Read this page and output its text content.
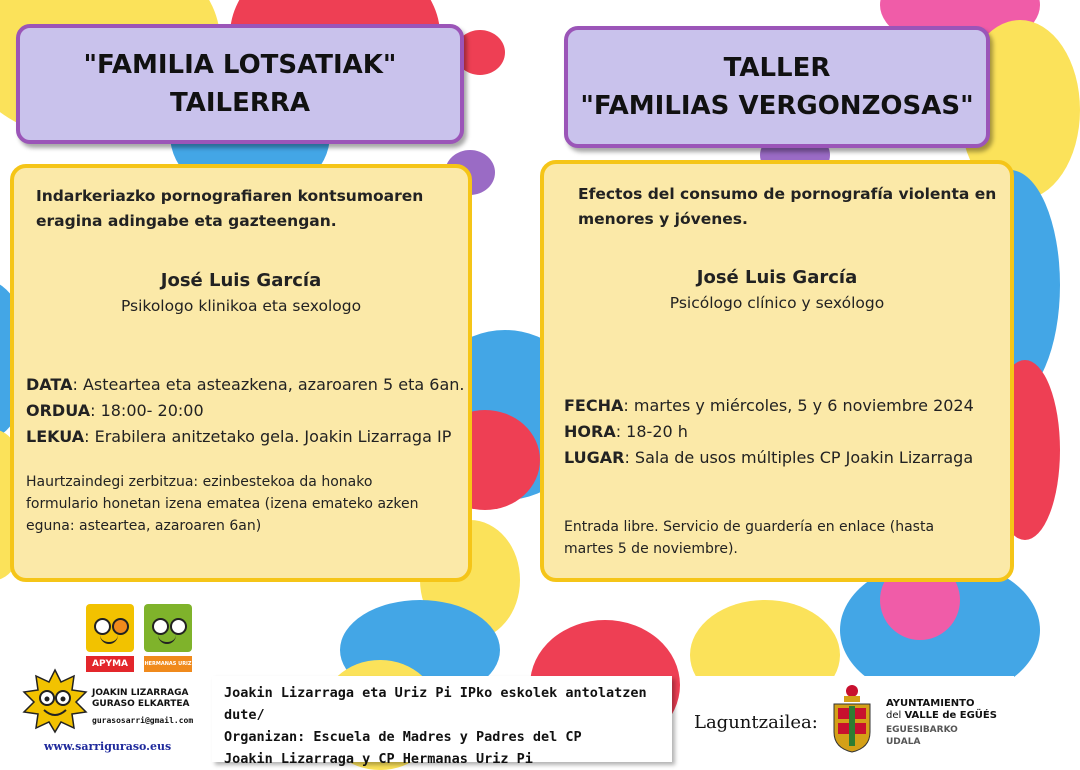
"FAMILIA LOTSATIAK"
TAILERRA
TALLER
"FAMILIAS VERGONZOSAS"
Indarkeriazko pornografiaren kontsumoaren
eragina adingabe eta gazteengan.
José Luis García
Psikologo klinikoa eta sexologo
DATA: Asteartea eta asteazkena, azaroaren 5 eta 6an.
ORDUA: 18:00- 20:00
LEKUA: Erabilera anitzetako gela. Joakin Lizarraga IP
Haurtzaindegi zerbitzua: ezinbestekoa da honako
formulario honetan izena ematea (izena emateko azken
eguna: asteartea, azaroaren 6an)
Efectos del consumo de pornografía violenta en
menores y jóvenes.
José Luis García
Psicólogo clínico y sexólogo
FECHA: martes y miércoles, 5 y 6 noviembre 2024
HORA: 18-20 h
LUGAR: Sala de usos múltiples CP Joakin Lizarraga
Entrada libre. Servicio de guardería en enlace (hasta
martes 5 de noviembre).
APYMA	HERMANAS URIZ PI
JOAKIN LIZARRAGA
GURASO ELKARTEA
gurasosarri@gmail.com
www.sarriguraso.eus
Joakin Lizarraga eta Uriz Pi IPko eskolek antolatzen dute/
Organizan: Escuela de Madres y Padres del CP
Joakin Lizarraga y CP Hermanas Uriz Pi
Laguntzailea:
AYUNTAMIENTO
del VALLE de EGÜÉS
EGUESIBARKO
UDALA
